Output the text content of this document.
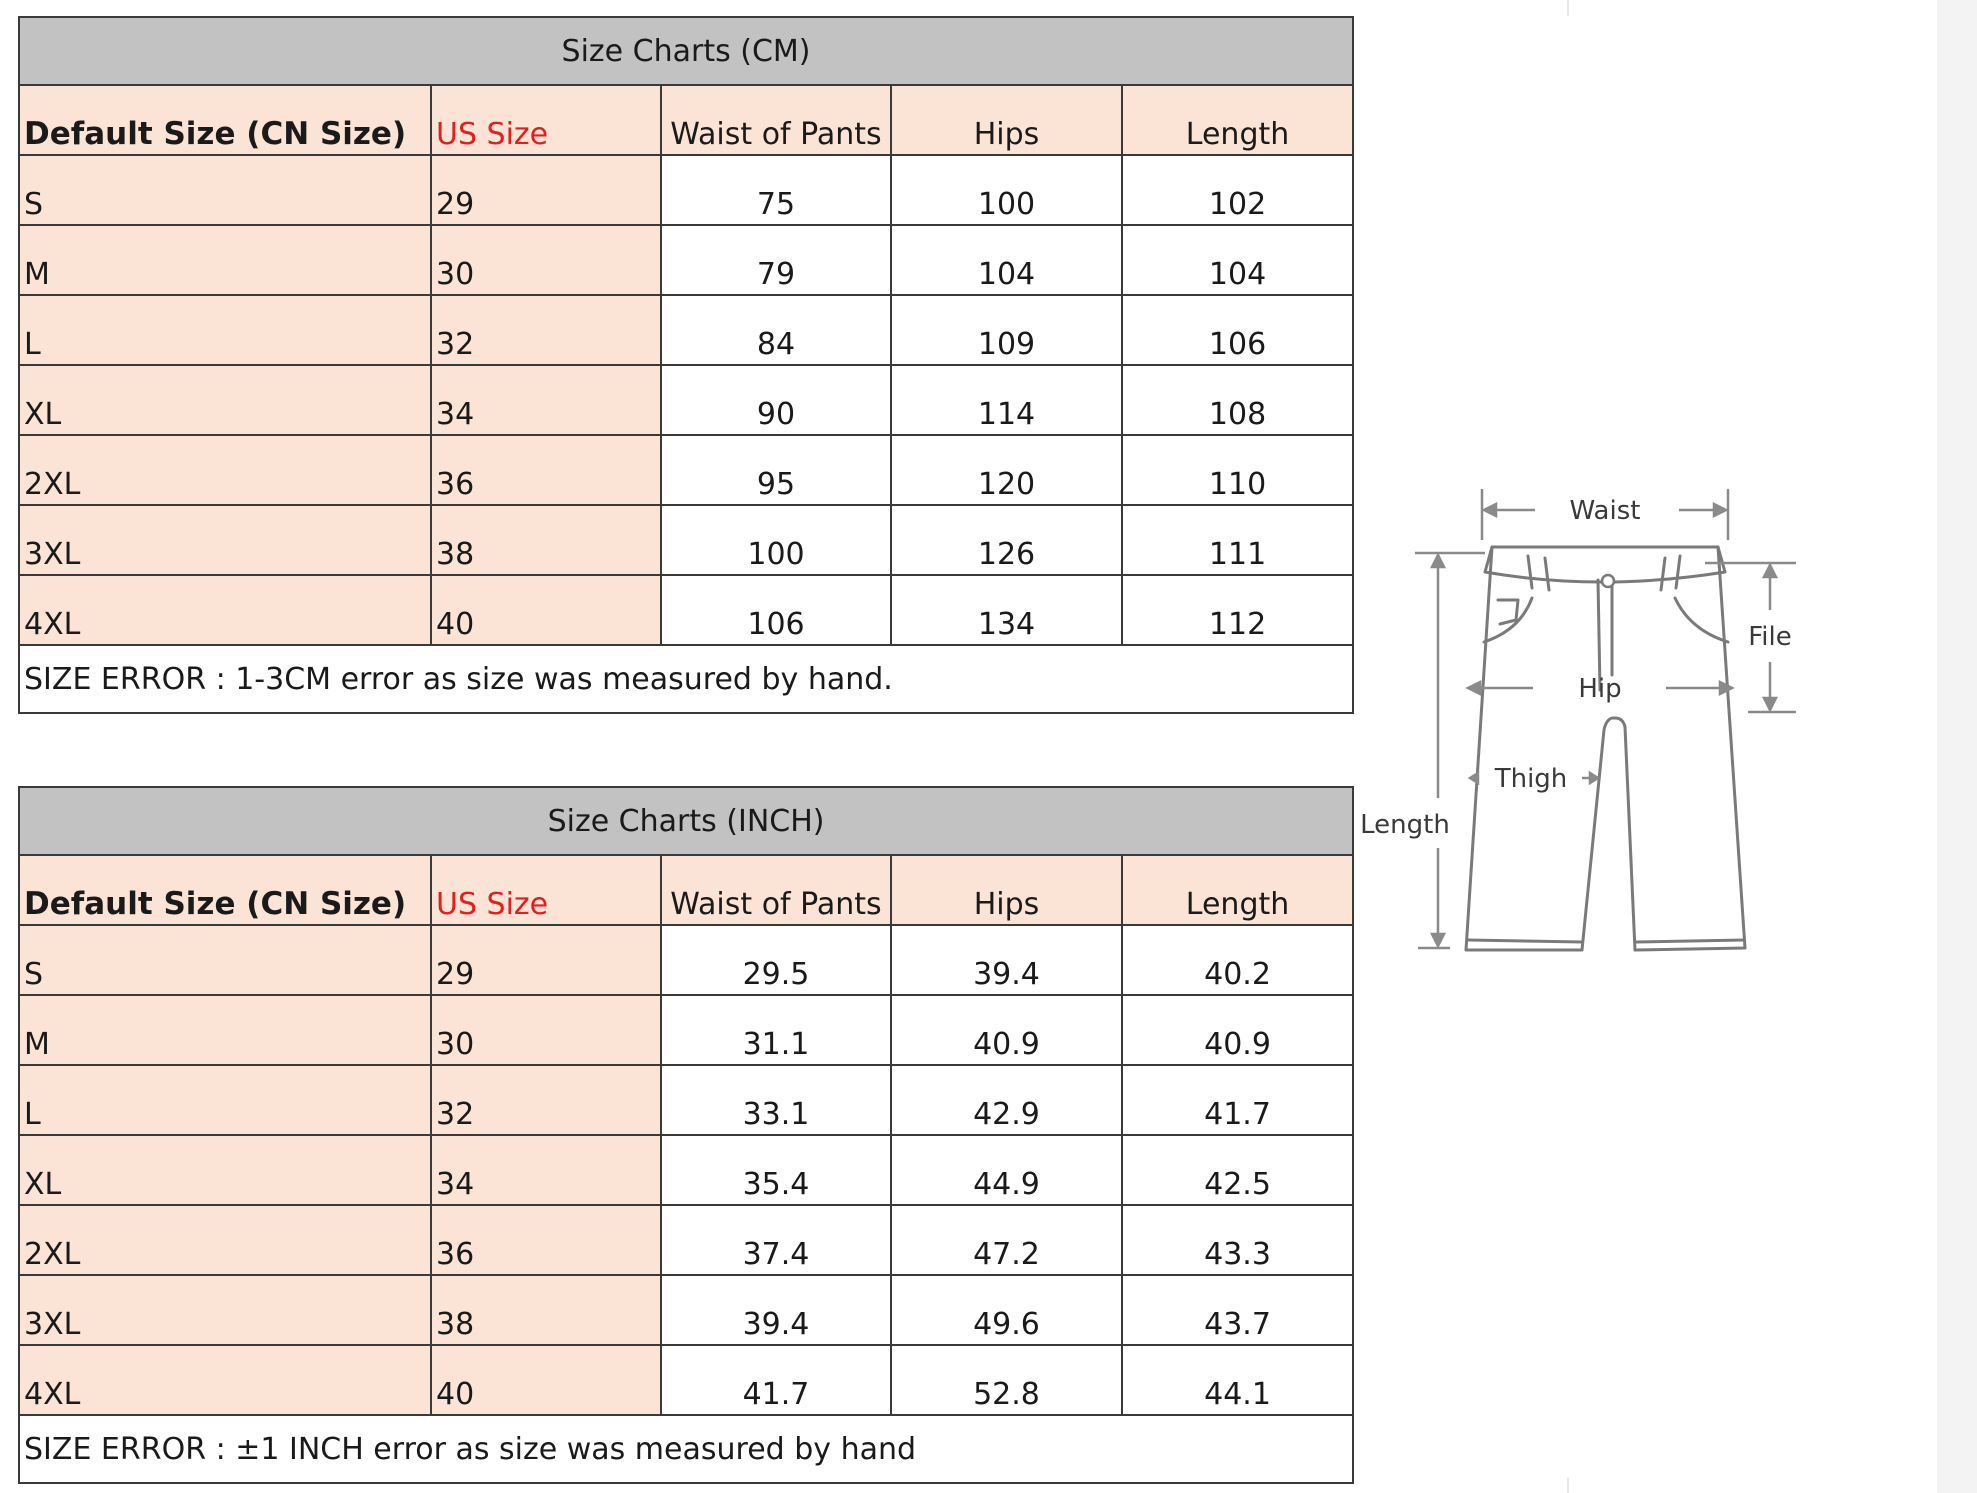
Size Charts (CM)				
Default Size (CN Size)	US Size	Waist of Pants	Hips	Length
S	29	75	100	102
M	30	79	104	104
L	32	84	109	106
XL	34	90	114	108
2XL	36	95	120	110
3XL	38	100	126	111
4XL	40	106	134	112
SIZE ERROR : 1-3CM error as size was measured by hand.				
Size Charts (INCH)				
Default Size (CN Size)	US Size	Waist of Pants	Hips	Length
S	29	29.5	39.4	40.2
M	30	31.1	40.9	40.9
L	32	33.1	42.9	41.7
XL	34	35.4	44.9	42.5
2XL	36	37.4	47.2	43.3
3XL	38	39.4	49.6	43.7
4XL	40	41.7	52.8	44.1
SIZE ERROR : ±1 INCH error as size was measured by hand				
Waist
File
Hip
Thigh
Length
